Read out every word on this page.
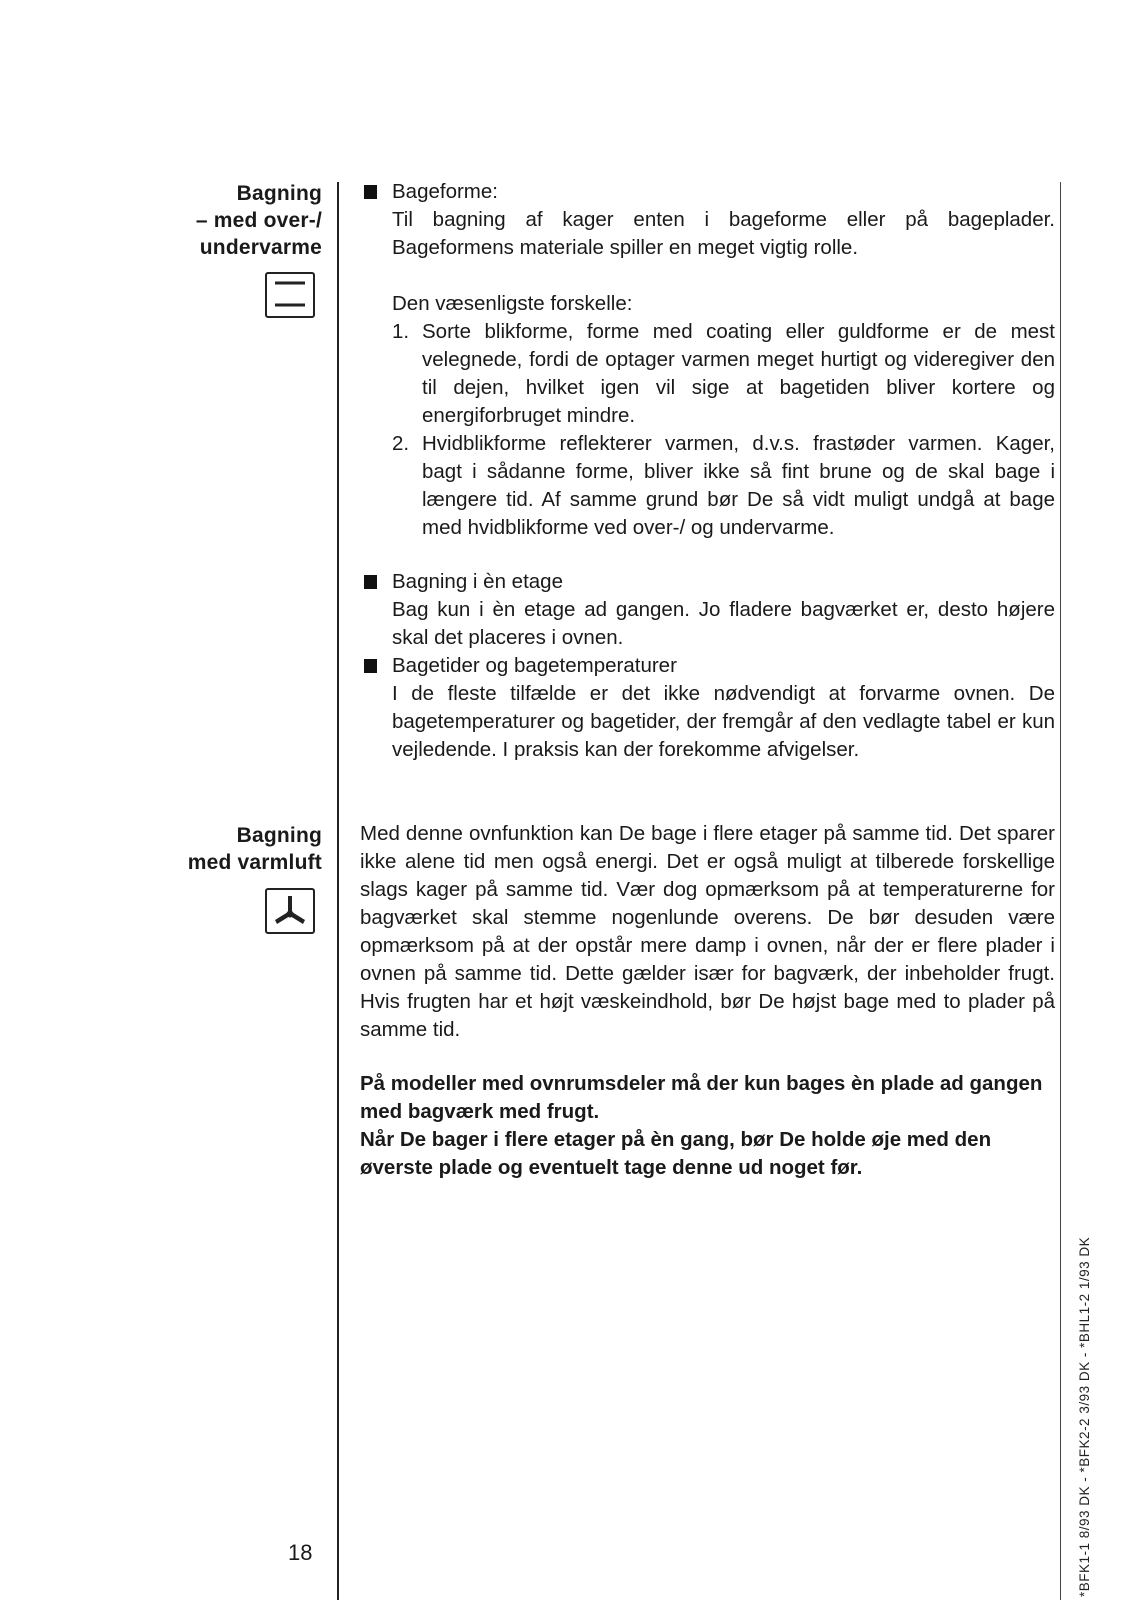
Bagning
– med over-/
undervarme
Bagning
med varmluft
18
Bageforme:
Til bagning af kager enten i bageforme eller på bageplader. Bageformens materiale spiller en meget vigtig rolle.
Den væsenligste forskelle:
1. Sorte blikforme, forme med coating eller guldforme er de mest velegnede, fordi de optager varmen meget hurtigt og videregiver den til dejen, hvilket igen vil sige at bagetiden bliver kortere og energiforbruget mindre.
2. Hvidblikforme reflekterer varmen, d.v.s. frastøder varmen. Kager, bagt i sådanne forme, bliver ikke så fint brune og de skal bage i længere tid. Af samme grund bør De så vidt muligt undgå at bage med hvidblikforme ved over-/ og undervarme.
Bagning i èn etage
Bag kun i èn etage ad gangen. Jo fladere bagværket er, desto højere skal det placeres i ovnen.
Bagetider og bagetemperaturer
I de fleste tilfælde er det ikke nødvendigt at forvarme ovnen. De bagetemperaturer og bagetider, der fremgår af den vedlagte tabel er kun vejledende. I praksis kan der forekomme afvigelser.
Med denne ovnfunktion kan De bage i flere etager på samme tid. Det sparer ikke alene tid men også energi. Det er også muligt at tilberede forskellige slags kager på samme tid. Vær dog opmærksom på at temperaturerne for bagværket skal stemme nogenlunde overens. De bør desuden være opmærksom på at der opstår mere damp i ovnen, når der er flere plader i ovnen på samme tid. Dette gælder især for bagværk, der inbeholder frugt. Hvis frugten har et højt væskeindhold, bør De højst bage med to plader på samme tid.
På modeller med ovnrumsdeler må der kun bages èn plade ad gangen med bagværk med frugt.
Når De bager i flere etager på èn gang, bør De holde øje med den øverste plade og eventuelt tage denne ud noget før.
*BFK1-1 8/93 DK - *BFK2-2 3/93 DK - *BHL1-2 1/93 DK
